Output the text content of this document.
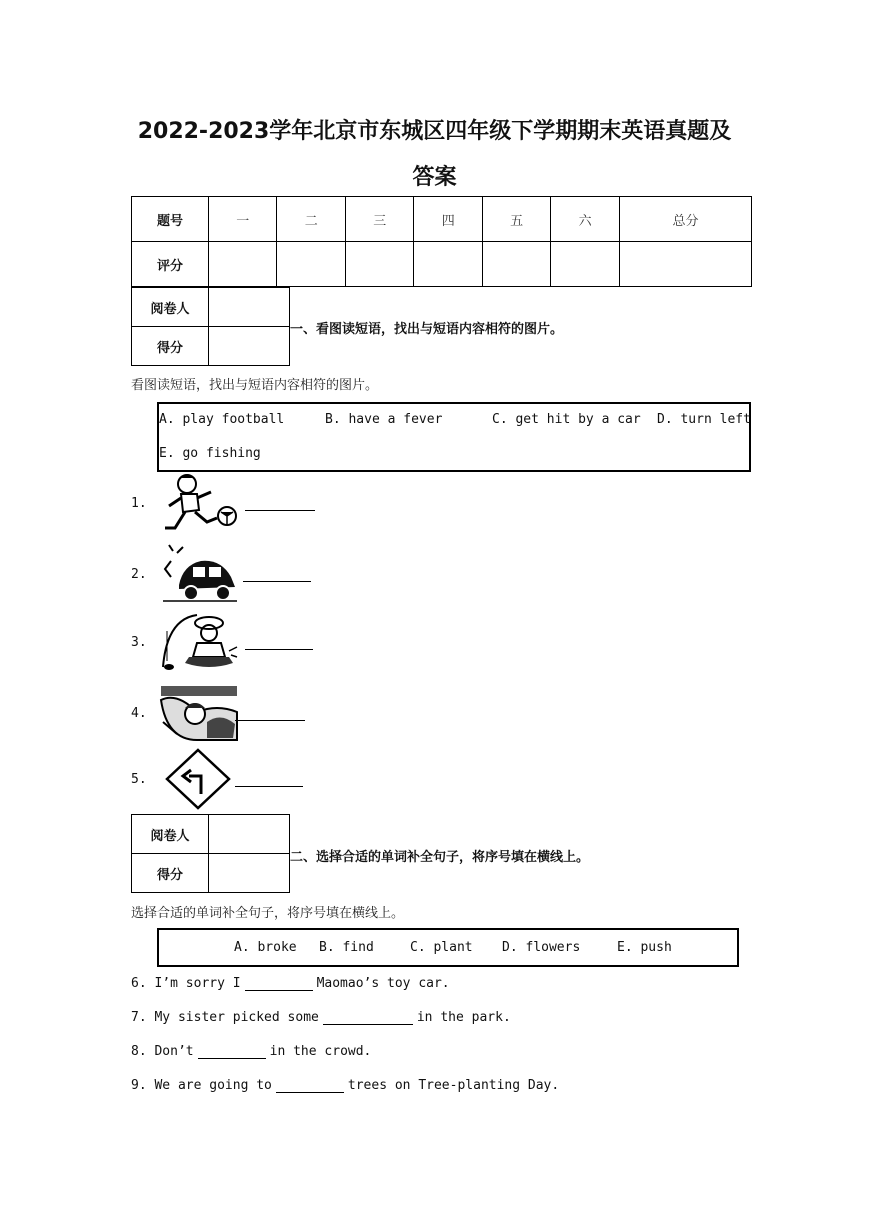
2022-2023学年北京市东城区四年级下学期期末英语真题及
答案
题号	一	二	三	四	五	六	总分
评分							
阅卷人	
得分	
一、看图读短语，找出与短语内容相符的图片。
看图读短语，找出与短语内容相符的图片。
A. play football	B. have a fever	C. get hit by a car D. turn left
E. go fishing
1.
2.
3.
4.
5.
阅卷人	
得分	
二、选择合适的单词补全句子，将序号填在横线上。
选择合适的单词补全句子，将序号填在横线上。
A. broke B. find	C. plant D. flowers	E. push
6. I’m sorry I	Maomao’s toy car.
7. My sister picked some	in the park.
8. Don’t	in the crowd.
9. We are going to	trees on Tree-planting Day.
